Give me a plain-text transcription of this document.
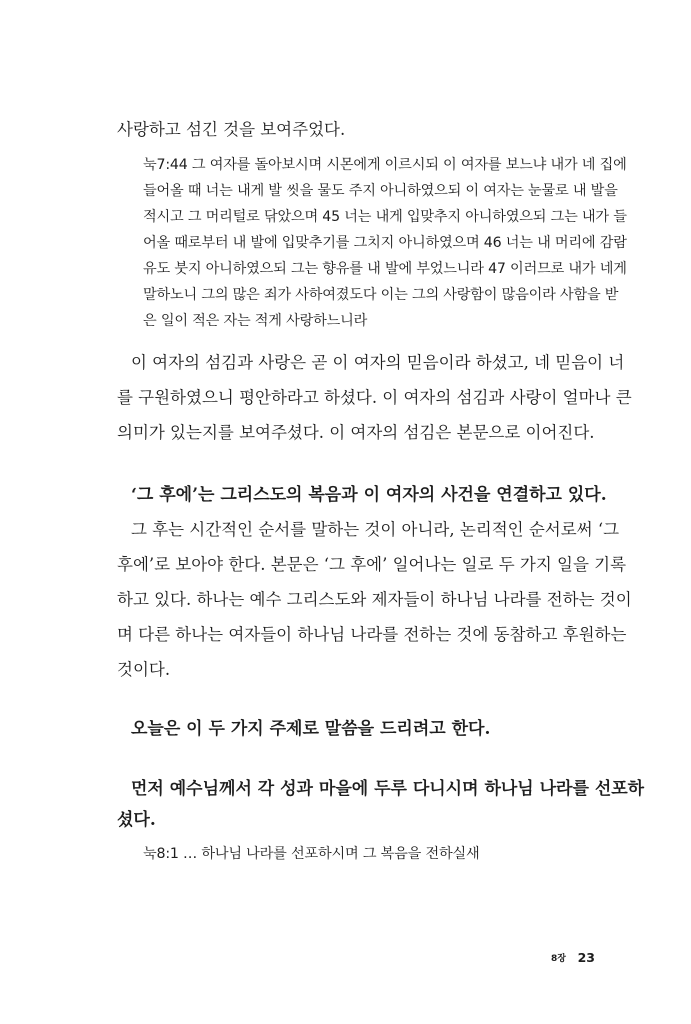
사랑하고 섬긴 것을 보여주었다.
눅7:44 그 여자를 돌아보시며 시몬에게 이르시되 이 여자를 보느냐 내가 네 집에
들어올 때 너는 내게 발 씻을 물도 주지 아니하였으되 이 여자는 눈물로 내 발을
적시고 그 머리털로 닦았으며 45 너는 내게 입맞추지 아니하였으되 그는 내가 들
어올 때로부터 내 발에 입맞추기를 그치지 아니하였으며 46 너는 내 머리에 감람
유도 붓지 아니하였으되 그는 향유를 내 발에 부었느니라 47 이러므로 내가 네게
말하노니 그의 많은 죄가 사하여졌도다 이는 그의 사랑함이 많음이라 사함을 받
은 일이 적은 자는 적게 사랑하느니라
이 여자의 섬김과 사랑은 곧 이 여자의 믿음이라 하셨고, 네 믿음이 너
를 구원하였으니 평안하라고 하셨다. 이 여자의 섬김과 사랑이 얼마나 큰
의미가 있는지를 보여주셨다. 이 여자의 섬김은 본문으로 이어진다.
‘그 후에’는 그리스도의 복음과 이 여자의 사건을 연결하고 있다.
그 후는 시간적인 순서를 말하는 것이 아니라, 논리적인 순서로써 ‘그
후에’로 보아야 한다. 본문은 ‘그 후에’ 일어나는 일로 두 가지 일을 기록
하고 있다. 하나는 예수 그리스도와 제자들이 하나님 나라를 전하는 것이
며 다른 하나는 여자들이 하나님 나라를 전하는 것에 동참하고 후원하는
것이다.
오늘은 이 두 가지 주제로 말씀을 드리려고 한다.
먼저 예수님께서 각 성과 마을에 두루 다니시며 하나님 나라를 선포하
셨다.
눅8:1 … 하나님 나라를 선포하시며 그 복음을 전하실새
8장 23
